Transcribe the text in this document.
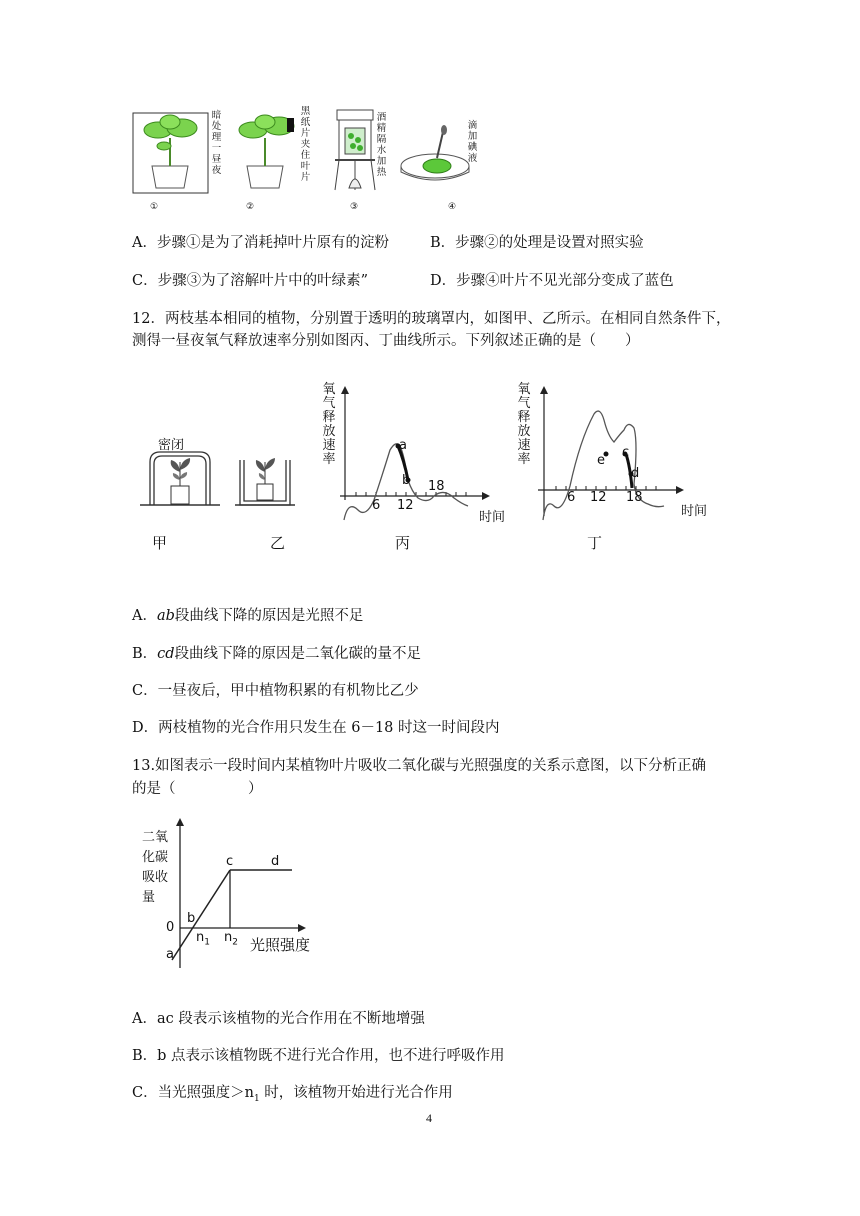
暗处理一昼夜
黑纸片夹住叶片
酒精隔水加热
滴加碘液
①	②	③	④
A．步骤①是为了消耗掉叶片原有的淀粉	B．步骤②的处理是设置对照实验
C．步骤③为了溶解叶片中的叶绿素”	D．步骤④叶片不见光部分变成了蓝色
12．两枝基本相同的植物，分别置于透明的玻璃罩内，如图甲、乙所示。在相同自然条件下，
测得一昼夜氧气释放速率分别如图丙、丁曲线所示。下列叙述正确的是（　　）
密闭
氧气释放速率
a
b
6 12
18
时间
氧气释放速率	e
c
d
6 12 18
时间
甲	乙	丙	丁
A．ab段曲线下降的原因是光照不足
B．cd段曲线下降的原因是二氧化碳的量不足
C．一昼夜后，甲中植物积累的有机物比乙少
D．两枝植物的光合作用只发生在 6－18 时这一时间段内
13.如图表示一段时间内某植物叶片吸收二氧化碳与光照强度的关系示意图，以下分析正确
的是（　　　　　）
二氧
化碳
吸收
量
0
a
b
c	d
$n_1$ $n_2$ 光照强度
A．ac 段表示该植物的光合作用在不断地增强
B．b 点表示该植物既不进行光合作用，也不进行呼吸作用
C．当光照强度$>n_1$ 时，该植物开始进行光合作用
4
